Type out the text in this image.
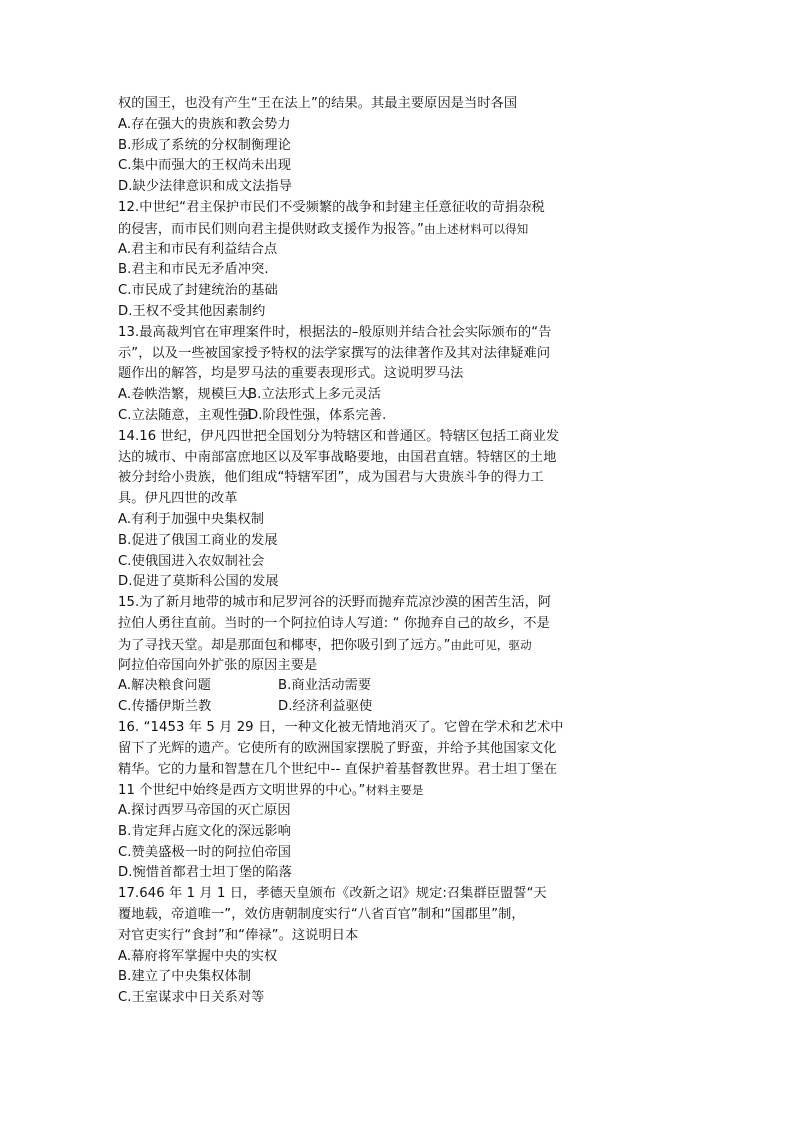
权的国王，也没有产生“王在法上”的结果。其最主要原因是当时各国
A.存在强大的贵族和教会势力
B.形成了系统的分权制衡理论
C.集中而强大的王权尚未出现
D.缺少法律意识和成文法指导
12.中世纪“君主保护市民们不受频繁的战争和封建主任意征收的苛捐杂税
的侵害，而市民们则向君主提供财政支援作为报答。”由上述材料可以得知
A.君主和市民有利益结合点
B.君主和市民无矛盾冲突.
C.市民成了封建统治的基础
D.王权不受其他因素制约
13.最高裁判官在审理案件时，根据法的–般原则并结合社会实际颁布的“告
示”，以及一些被国家授予特权的法学家撰写的法律著作及其对法律疑难问
题作出的解答，均是罗马法的重要表现形式。这说明罗马法
A.卷帙浩繁，规模巨大B.立法形式上多元灵活
C.立法随意，主观性强D.阶段性强，体系完善.
14.16 世纪，伊凡四世把全国划分为特辖区和普通区。特辖区包括工商业发
达的城市、中南部富庶地区以及军事战略要地，由国君直辖。特辖区的土地
被分封给小贵族，他们组成“特辖军团”，成为国君与大贵族斗争的得力工
具。伊凡四世的改革
A.有利于加强中央集权制
B.促进了俄国工商业的发展
C.使俄国进入农奴制社会
D.促进了莫斯科公国的发展
15.为了新月地带的城市和尼罗河谷的沃野而抛弃荒凉沙漠的困苦生活，阿
拉伯人勇往直前。当时的一个阿拉伯诗人写道: “ 你抛弃自己的故乡，不是
为了寻找天堂。却是那面包和椰枣，把你吸引到了远方。”由此可见，驱动
阿拉伯帝国向外扩张的原因主要是
A.解决粮食问题	B.商业活动需要
C.传播伊斯兰教	D.经济利益驱使
16. “1453 年 5 月 29 日，一种文化被无情地消灭了。它曾在学术和艺术中
留下了光辉的遗产。它使所有的欧洲国家摆脱了野蛮，并给予其他国家文化
精华。它的力量和智慧在几个世纪中-- 直保护着基督教世界。君士坦丁堡在
11 个世纪中始终是西方文明世界的中心。”材料主要是
A.探讨西罗马帝国的灭亡原因
B.肯定拜占庭文化的深远影响
C.赞美盛极一时的阿拉伯帝国
D.惋惜首都君士坦丁堡的陷落
17.646 年 1 月 1 日，孝德天皇颁布《改新之诏》规定:召集群臣盟誓“天
覆地载，帝道唯一”，效仿唐朝制度实行“八省百官”制和“国郡里”制，
对官吏实行“食封”和“俸禄”。这说明日本
A.幕府将军掌握中央的实权
B.建立了中央集权体制
C.王室谋求中日关系对等
